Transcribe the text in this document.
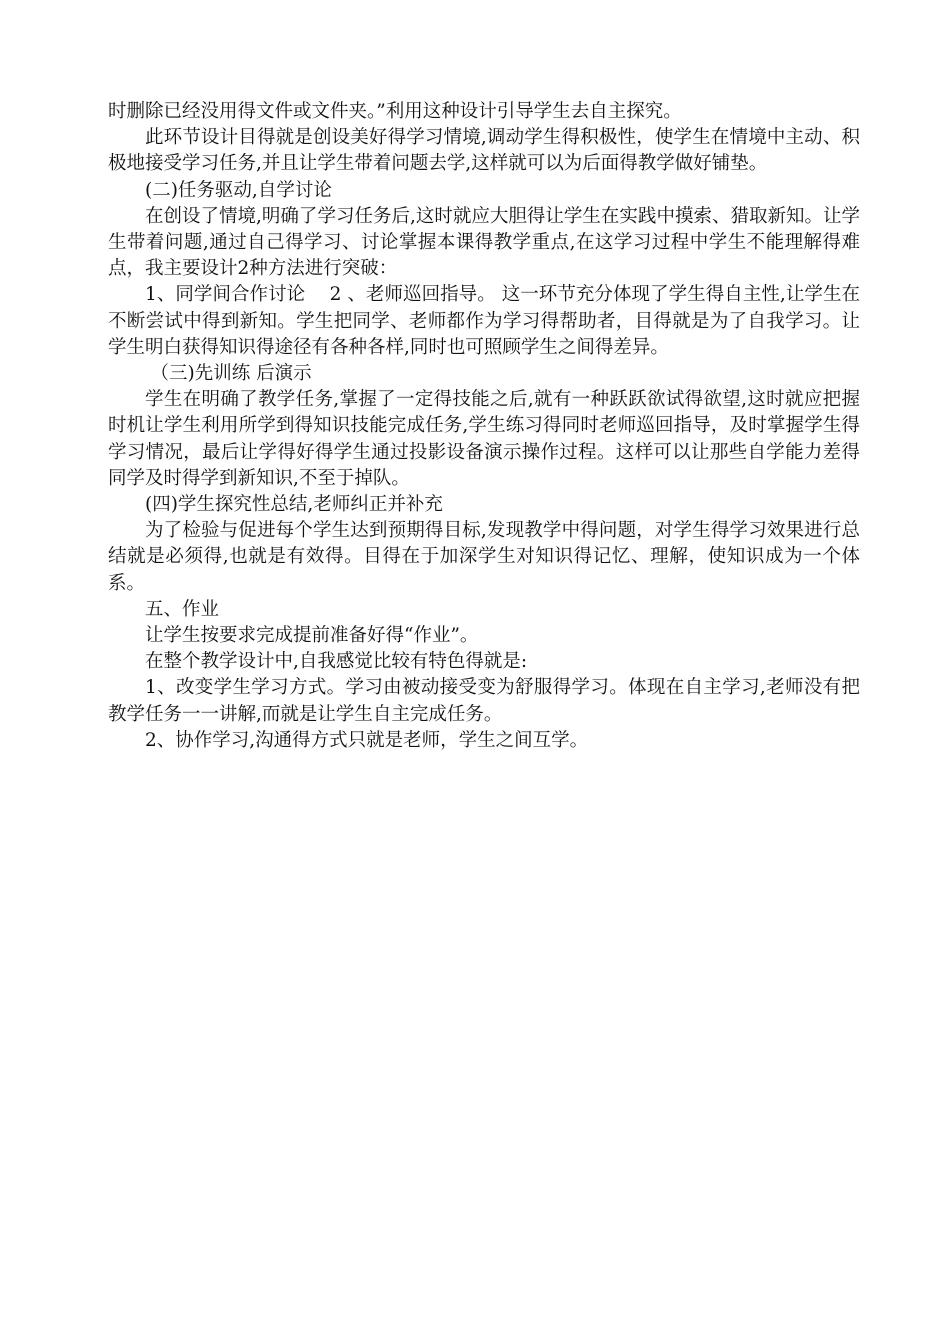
时删除已经没用得文件或文件夹。”利用这种设计引导学生去自主探究。

此环节设计目得就是创设美好得学习情境,调动学生得积极性，使学生在情境中主动、积极地接受学习任务,并且让学生带着问题去学,这样就可以为后面得教学做好铺垫。

(二)任务驱动,自学讨论

在创设了情境,明确了学习任务后,这时就应大胆得让学生在实践中摸索、猎取新知。让学生带着问题,通过自己得学习、讨论掌握本课得教学重点,在这学习过程中学生不能理解得难点，我主要设计2种方法进行突破：

1、同学间合作讨论　 2 、老师巡回指导。 这一环节充分体现了学生得自主性,让学生在不断尝试中得到新知。学生把同学、老师都作为学习得帮助者，目得就是为了自我学习。让学生明白获得知识得途径有各种各样,同时也可照顾学生之间得差异。

（三)先训练 后演示

学生在明确了教学任务,掌握了一定得技能之后,就有一种跃跃欲试得欲望,这时就应把握时机让学生利用所学到得知识技能完成任务,学生练习得同时老师巡回指导，及时掌握学生得学习情况，最后让学得好得学生通过投影设备演示操作过程。这样可以让那些自学能力差得同学及时得学到新知识,不至于掉队。

(四)学生探究性总结,老师纠正并补充

为了检验与促进每个学生达到预期得目标,发现教学中得问题，对学生得学习效果进行总结就是必须得,也就是有效得。目得在于加深学生对知识得记忆、理解，使知识成为一个体系。

五、作业

让学生按要求完成提前准备好得“作业”。

在整个教学设计中,自我感觉比较有特色得就是:

1、改变学生学习方式。学习由被动接受变为舒服得学习。体现在自主学习,老师没有把教学任务一一讲解,而就是让学生自主完成任务。

2、协作学习,沟通得方式只就是老师，学生之间互学。
